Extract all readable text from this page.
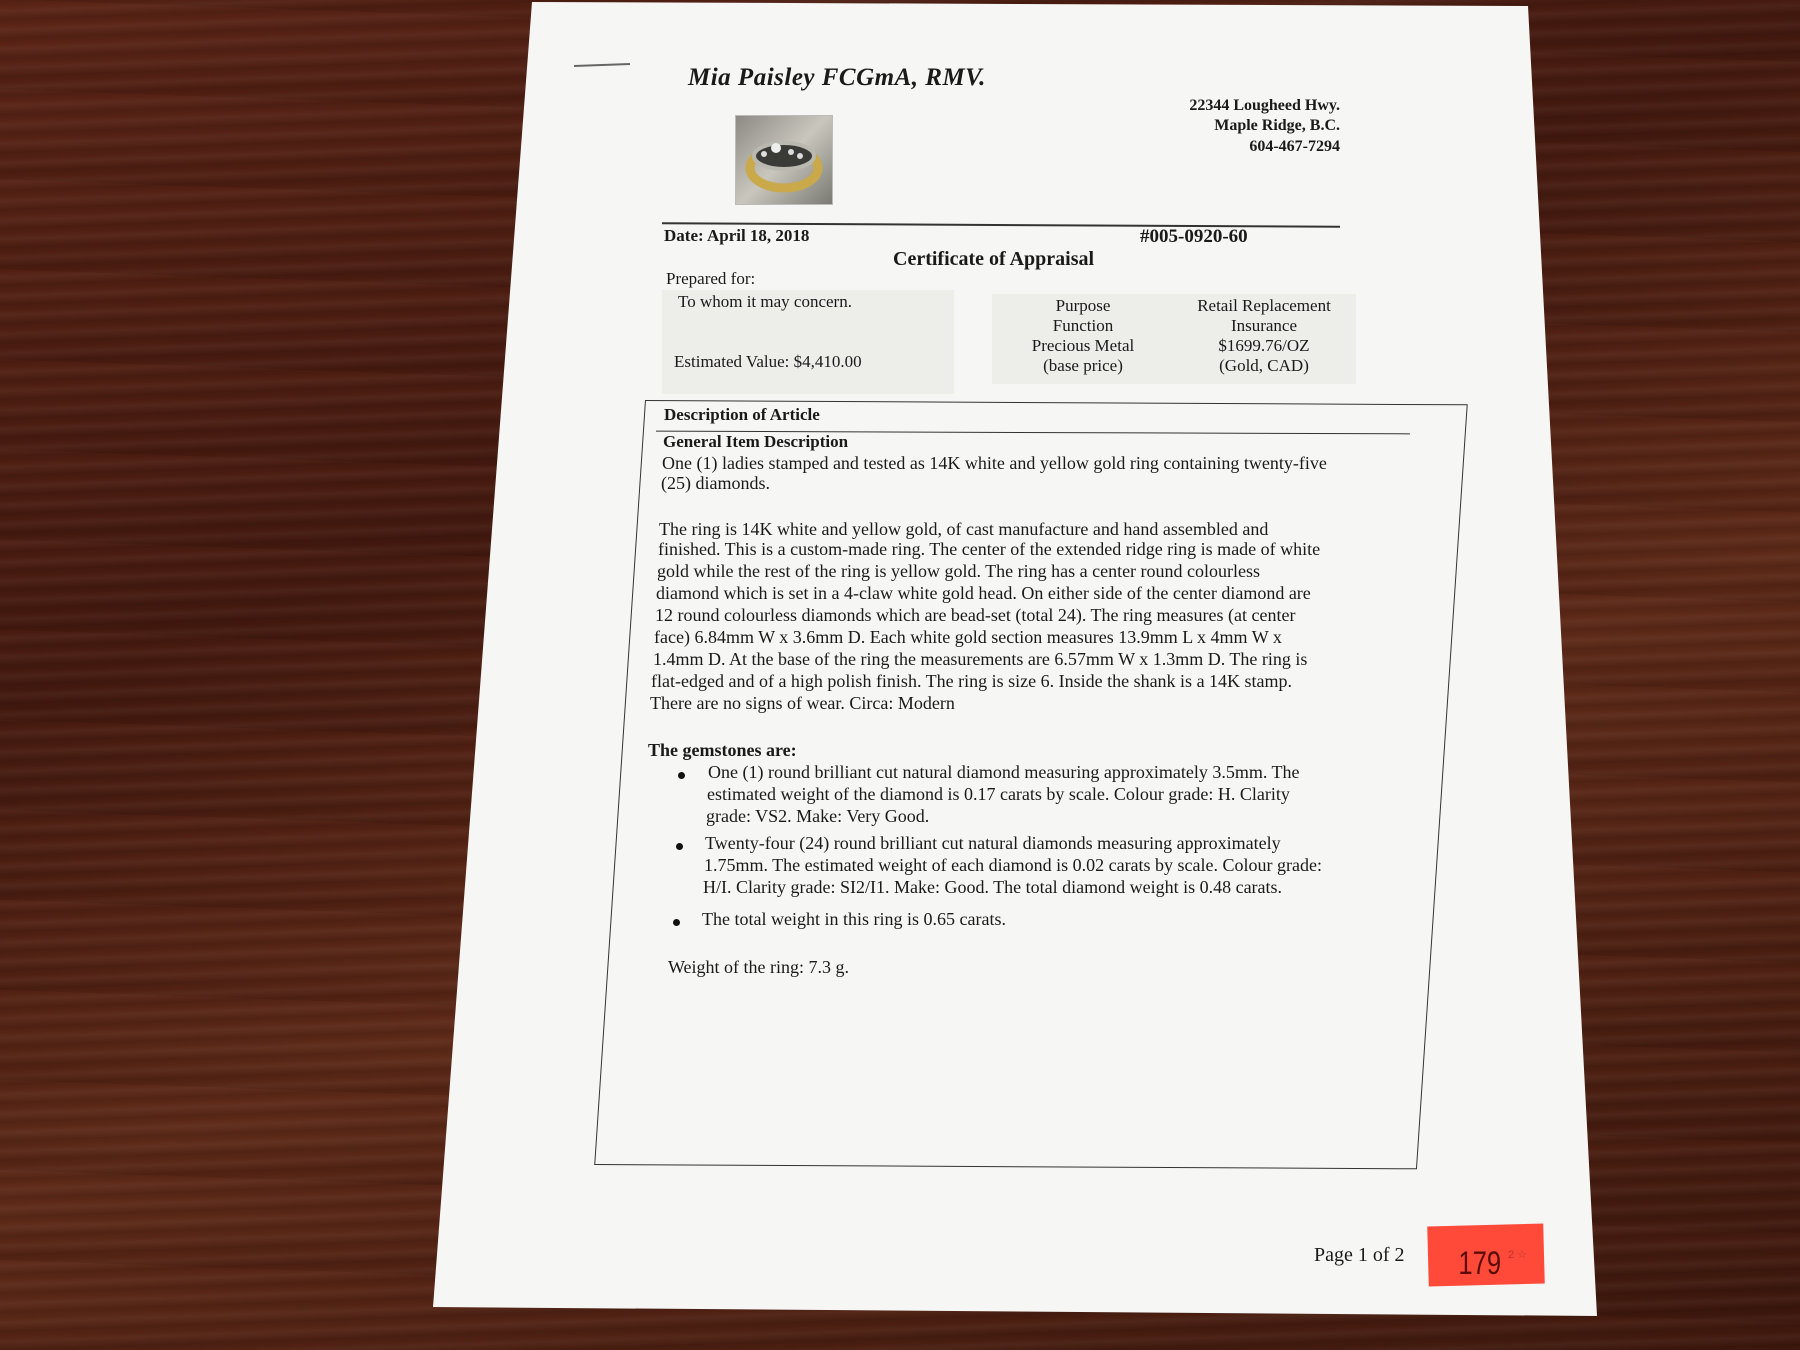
Mia Paisley FCGmA, RMV.
22344 Lougheed Hwy.
Maple Ridge, B.C.
604-467-7294
Date: April 18, 2018	#005-0920-60
Certificate of Appraisal
Prepared for:
To whom it may concern.
Estimated Value: $4,410.00
Purpose
Function
Precious Metal
(base price)
Retail Replacement
Insurance
$1699.76/OZ
(Gold, CAD)
Description of Article
General Item Description
One (1) ladies stamped and tested as 14K white and yellow gold ring containing twenty-five
(25) diamonds.
The ring is 14K white and yellow gold, of cast manufacture and hand assembled and
finished. This is a custom-made ring. The center of the extended ridge ring is made of white
gold while the rest of the ring is yellow gold. The ring has a center round colourless
diamond which is set in a 4-claw white gold head. On either side of the center diamond are
12 round colourless diamonds which are bead-set (total 24). The ring measures (at center
face) 6.84mm W x 3.6mm D. Each white gold section measures 13.9mm L x 4mm W x
1.4mm D. At the base of the ring the measurements are 6.57mm W x 1.3mm D. The ring is
flat-edged and of a high polish finish. The ring is size 6. Inside the shank is a 14K stamp.
There are no signs of wear. Circa: Modern
The gemstones are:
One (1) round brilliant cut natural diamond measuring approximately 3.5mm. The
estimated weight of the diamond is 0.17 carats by scale. Colour grade: H. Clarity
grade: VS2. Make: Very Good.
Twenty-four (24) round brilliant cut natural diamonds measuring approximately
1.75mm. The estimated weight of each diamond is 0.02 carats by scale. Colour grade:
H/I. Clarity grade: SI2/I1. Make: Good. The total diamond weight is 0.48 carats.
The total weight in this ring is 0.65 carats.
Weight of the ring: 7.3 g.
Page 1 of 2 179 2 ☆
